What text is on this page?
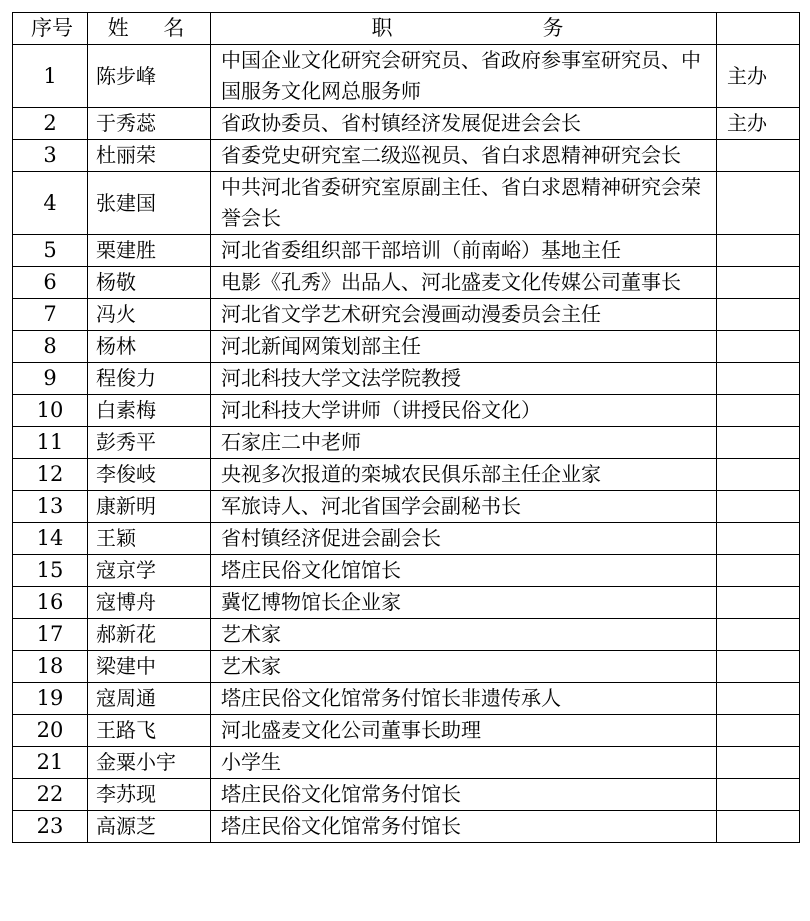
序号	姓 名	职 务	
1	陈步峰	中国企业文化研究会研究员、省政府参事室研究员、中国服务文化网总服务师	主办
2	于秀蕊	省政协委员、省村镇经济发展促进会会长	主办
3	杜丽荣	省委党史研究室二级巡视员、省白求恩精神研究会长	
4	张建国	中共河北省委研究室原副主任、省白求恩精神研究会荣誉会长	
5	栗建胜	河北省委组织部干部培训（前南峪）基地主任	
6	杨敬	电影《孔秀》出品人、河北盛麦文化传媒公司董事长	
7	冯火	河北省文学艺术研究会漫画动漫委员会主任	
8	杨林	河北新闻网策划部主任	
9	程俊力	河北科技大学文法学院教授	
10	白素梅	河北科技大学讲师（讲授民俗文化）	
11	彭秀平	石家庄二中老师	
12	李俊岐	央视多次报道的栾城农民俱乐部主任企业家	
13	康新明	军旅诗人、河北省国学会副秘书长	
14	王颖	省村镇经济促进会副会长	
15	寇京学	塔庄民俗文化馆馆长	
16	寇博舟	冀忆博物馆长企业家	
17	郝新花	艺术家	
18	梁建中	艺术家	
19	寇周通	塔庄民俗文化馆常务付馆长非遗传承人	
20	王路飞	河北盛麦文化公司董事长助理	
21	金粟小宇	小学生	
22	李苏现	塔庄民俗文化馆常务付馆长	
23	高源芝	塔庄民俗文化馆常务付馆长	
